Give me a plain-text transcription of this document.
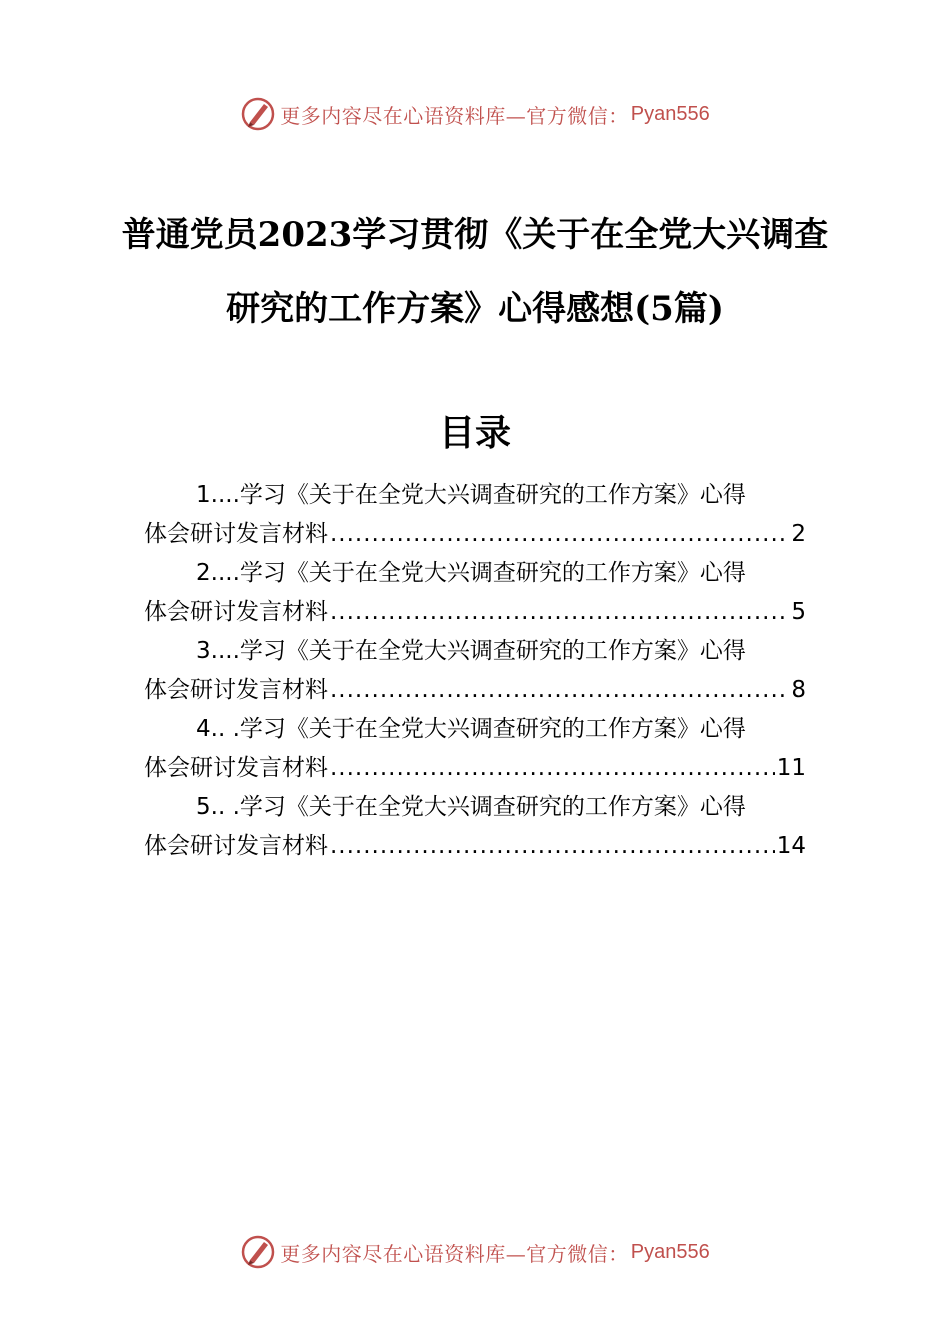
更多内容尽在心语资料库—官方微信： Pyan556
普通党员2023学习贯彻《关于在全党大兴调查研究的工作方案》心得感想(5篇)
目录
1....学习《关于在全党大兴调查研究的工作方案》心得
体会研讨发言材料 .....	2
2....学习《关于在全党大兴调查研究的工作方案》心得
体会研讨发言材料 .....	5
3....学习《关于在全党大兴调查研究的工作方案》心得
体会研讨发言材料 .....	8
4.. .学习《关于在全党大兴调查研究的工作方案》心得
体会研讨发言材料 .....	11
5.. .学习《关于在全党大兴调查研究的工作方案》心得
体会研讨发言材料 .....	14
更多内容尽在心语资料库—官方微信： Pyan556
